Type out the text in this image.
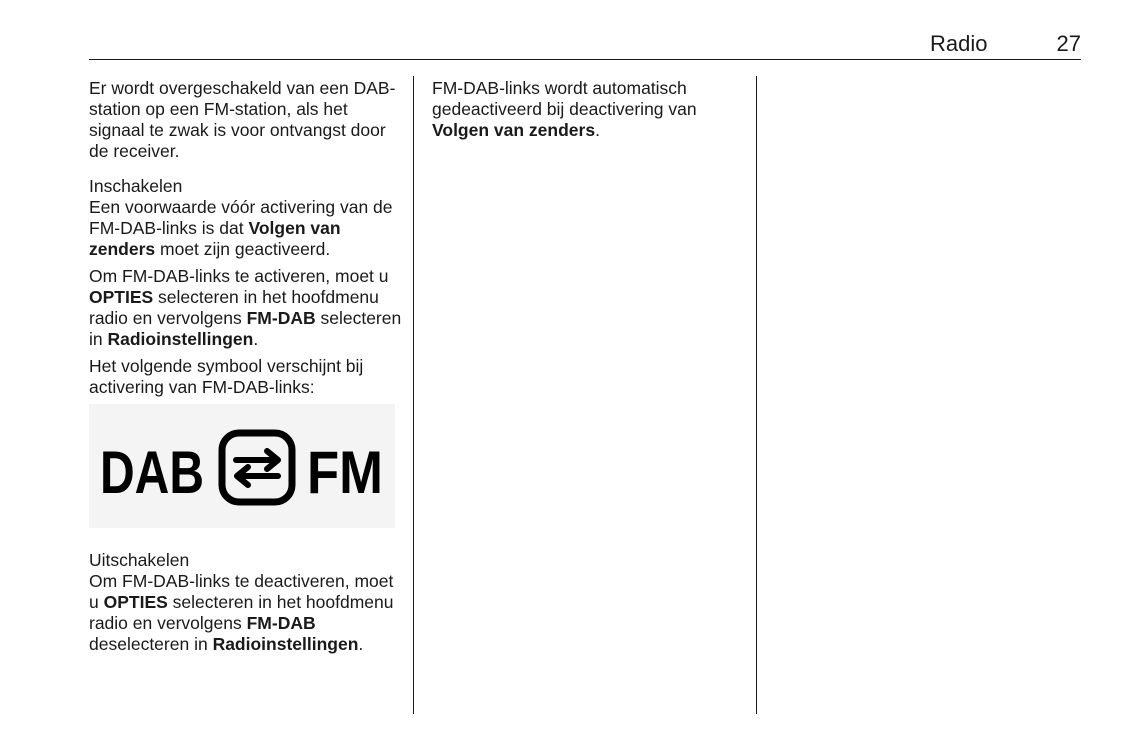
Radio	27

Er wordt overgeschakeld van een DAB-station op een FM-station, als het signaal te zwak is voor ontvangst door de receiver.

Inschakelen

Een voorwaarde vóór activering van de FM-DAB-links is dat Volgen van zenders moet zijn geactiveerd.

Om FM-DAB-links te activeren, moet u OPTIES selecteren in het hoofdmenu radio en vervolgens FM-DAB selecteren in Radioinstellingen.

Het volgende symbool verschijnt bij activering van FM-DAB-links:

DAB FM
Uitschakelen

Om FM-DAB-links te deactiveren, moet u OPTIES selecteren in het hoofdmenu radio en vervolgens FM-DAB deselecteren in Radioinstellingen.

FM-DAB-links wordt automatisch gedeactiveerd bij deactivering van Volgen van zenders.
